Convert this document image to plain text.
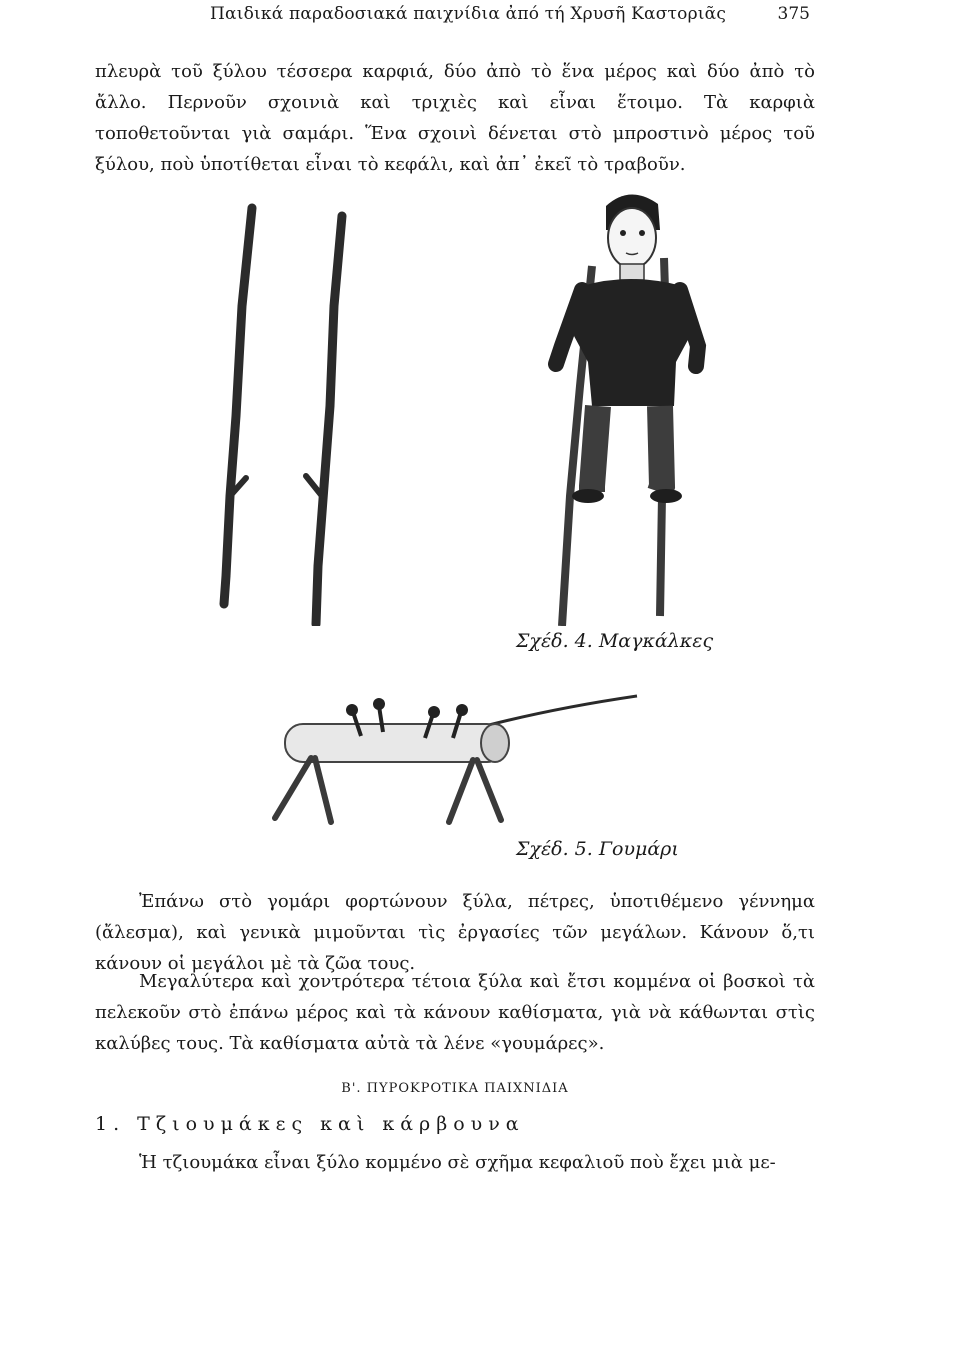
Παιδικά παραδοσιακά παιχνίδια ἀπό τή Χρυσῆ Καστοριᾶς	375

πλευρὰ τοῦ ξύλου τέσσερα καρφιά, δύο ἀπὸ τὸ ἕνα μέρος καὶ δύο ἀπὸ τὸ ἄλλο. Περνοῦν σχοινιὰ καὶ τριχιὲς καὶ εἶναι ἕτοιμο. Τὰ καρφιὰ τοποθετοῦνται γιὰ σαμάρι. Ἕνα σχοινὶ δένεται στὸ μπροστινὸ μέρος τοῦ ξύλου, ποὺ ὑποτίθεται εἶναι τὸ κεφάλι, καὶ ἀπ᾽ ἐκεῖ τὸ τραβοῦν.

Σχέδ. 4. Μαγκάλκες
Σχέδ. 5. Γουμάρι

Ἐπάνω στὸ γομάρι φορτώνουν ξύλα, πέτρες, ὑποτιθέμενο γέννημα (ἄλεσμα), καὶ γενικὰ μιμοῦνται τὶς ἐργασίες τῶν μεγάλων. Κάνουν ὅ,τι κάνουν οἱ μεγάλοι μὲ τὰ ζῶα τους.

Μεγαλύτερα καὶ χοντρότερα τέτοια ξύλα καὶ ἔτσι κομμένα οἱ βοσκοὶ τὰ πελεκοῦν στὸ ἐπάνω μέρος καὶ τὰ κάνουν καθίσματα, γιὰ νὰ κάθωνται στὶς καλύβες τους. Τὰ καθίσματα αὐτὰ τὰ λένε «γουμάρες».

Β'. ΠΥΡΟΚΡΟΤΙΚΑ ΠΑΙΧΝΙΔΙΑ
1. Τζιουμάκες καὶ κάρβουνα

Ἡ τζιουμάκα εἶναι ξύλο κομμένο σὲ σχῆμα κεφαλιοῦ ποὺ ἔχει μιὰ με-
